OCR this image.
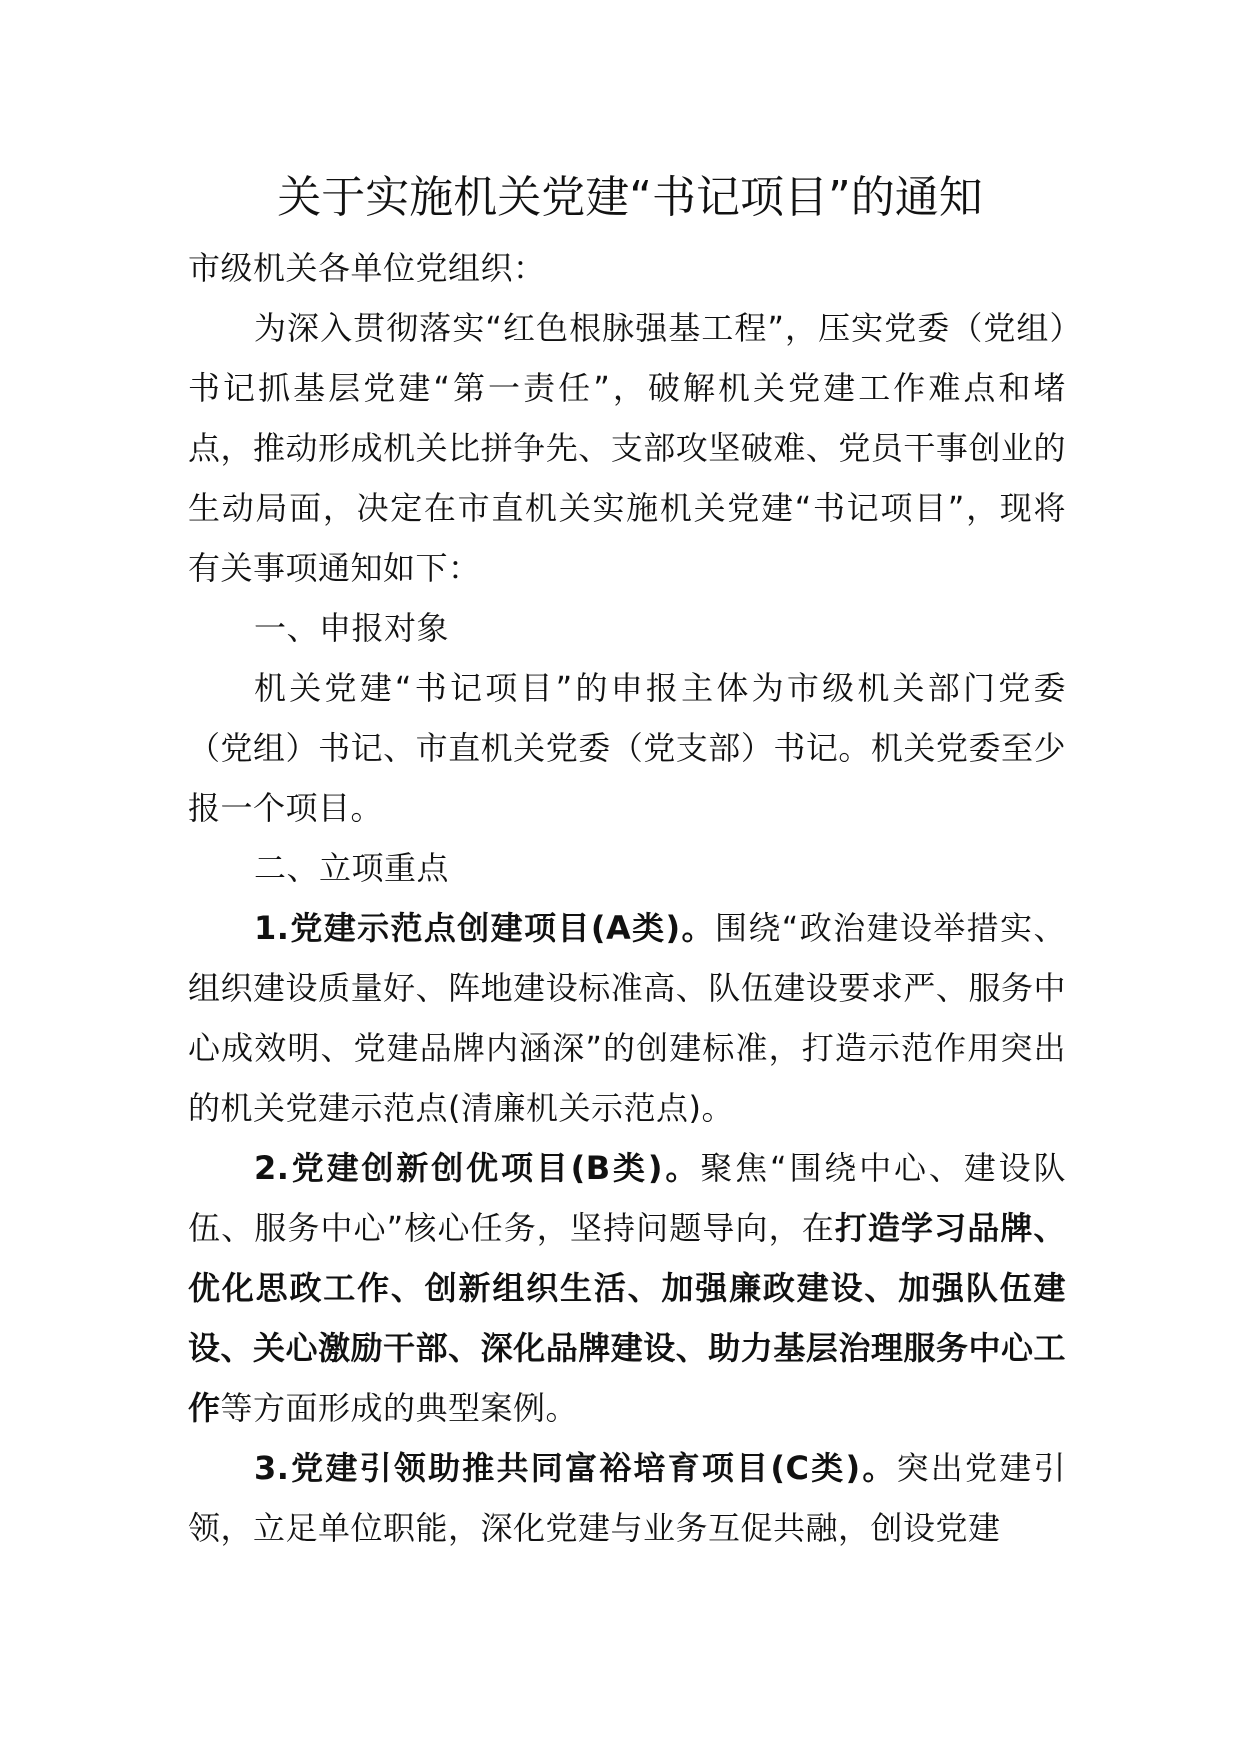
关于实施机关党建“书记项目”的通知

市级机关各单位党组织：

为深入贯彻落实“红色根脉强基工程”，压实党委（党组）书记抓基层党建“第一责任”，破解机关党建工作难点和堵点，推动形成机关比拼争先、支部攻坚破难、党员干事创业的生动局面，决定在市直机关实施机关党建“书记项目”，现将有关事项通知如下：

一、申报对象

机关党建“书记项目”的申报主体为市级机关部门党委（党组）书记、市直机关党委（党支部）书记。机关党委至少报一个项目。

二、立项重点

1.党建示范点创建项目(A类)。围绕“政治建设举措实、组织建设质量好、阵地建设标准高、队伍建设要求严、服务中心成效明、党建品牌内涵深”的创建标准，打造示范作用突出的机关党建示范点(清廉机关示范点)。

2.党建创新创优项目(B类)。聚焦“围绕中心、建设队伍、服务中心”核心任务，坚持问题导向，在打造学习品牌、优化思政工作、创新组织生活、加强廉政建设、加强队伍建设、关心激励干部、深化品牌建设、助力基层治理服务中心工作等方面形成的典型案例。

3.党建引领助推共同富裕培育项目(C类)。突出党建引领，立足单位职能，深化党建与业务互促共融，创设党建
